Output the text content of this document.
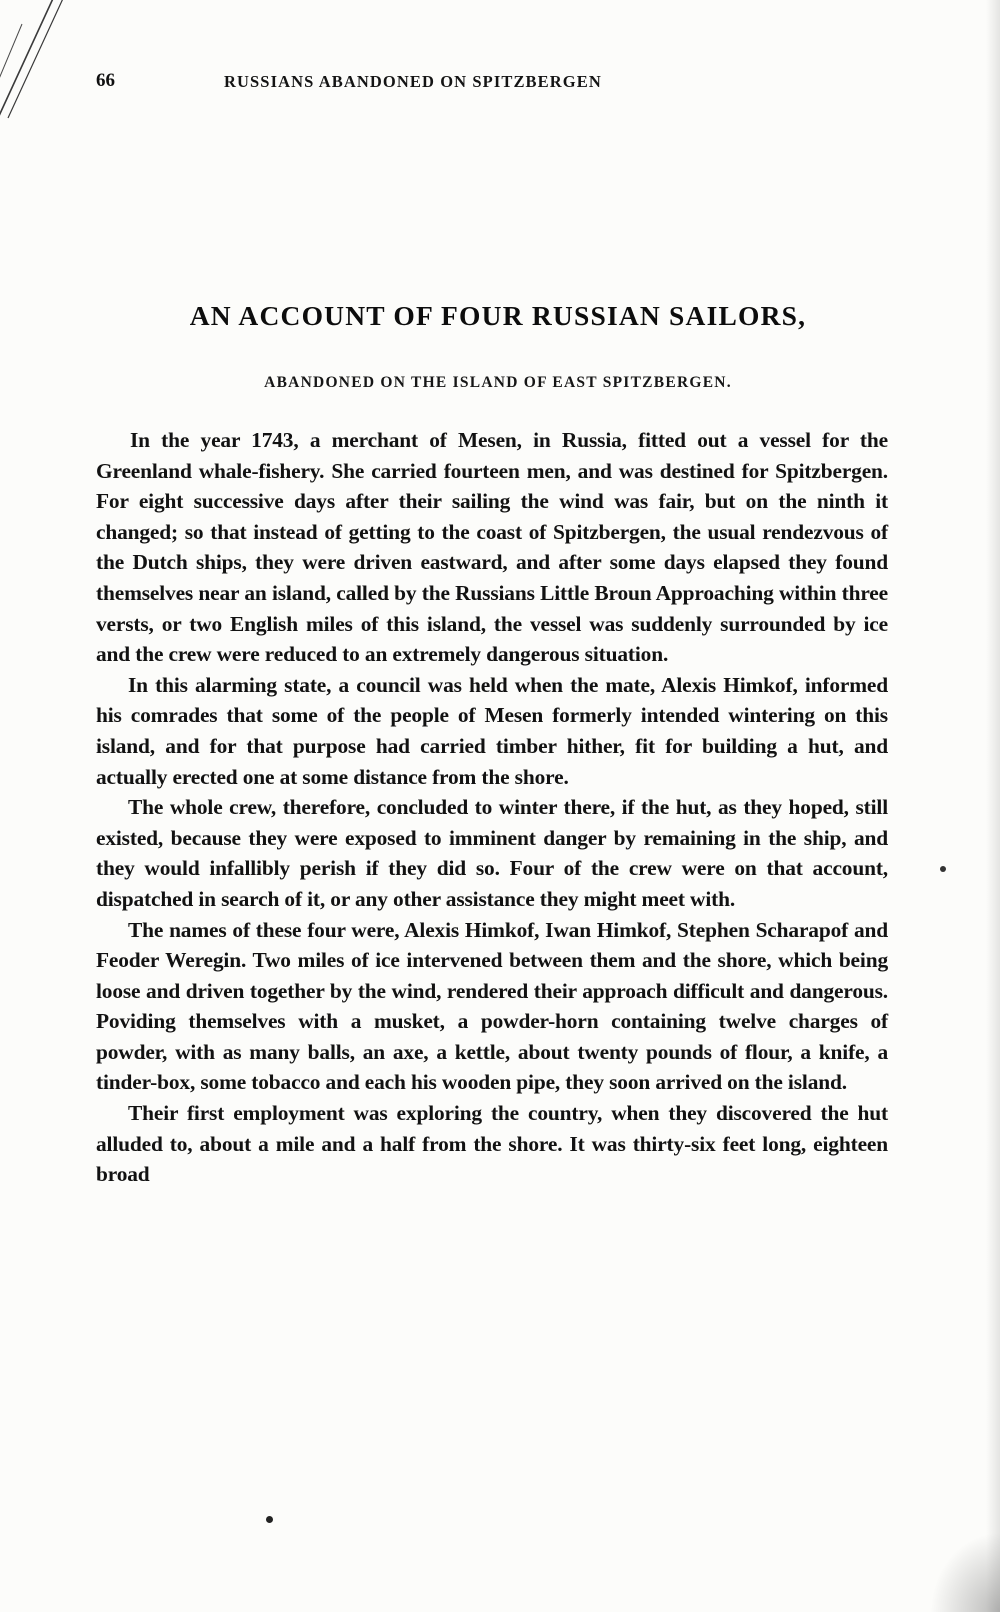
66	RUSSIANS ABANDONED ON SPITZBERGEN
AN ACCOUNT OF FOUR RUSSIAN SAILORS,
ABANDONED ON THE ISLAND OF EAST SPITZBERGEN.

In the year 1743, a merchant of Mesen, in Russia, fitted out a vessel for the Greenland whale-fishery. She carried fourteen men, and was destined for Spitzbergen. For eight successive days after their sailing the wind was fair, but on the ninth it changed; so that instead of getting to the coast of Spitzbergen, the usual rendezvous of the Dutch ships, they were driven eastward, and after some days elapsed they found themselves near an island, called by the Russians Little Broun Approaching within three versts, or two English miles of this island, the vessel was suddenly surrounded by ice and the crew were reduced to an extremely dangerous situation.

In this alarming state, a council was held when the mate, Alexis Himkof, informed his comrades that some of the people of Mesen formerly intended wintering on this island, and for that purpose had carried timber hither, fit for building a hut, and actually erected one at some distance from the shore.

The whole crew, therefore, concluded to winter there, if the hut, as they hoped, still existed, because they were exposed to imminent danger by remaining in the ship, and they would infallibly perish if they did so. Four of the crew were on that account, dispatched in search of it, or any other assistance they might meet with.

The names of these four were, Alexis Himkof, Iwan Himkof, Stephen Scharapof and Feoder Weregin. Two miles of ice intervened between them and the shore, which being loose and driven together by the wind, rendered their approach difficult and dangerous. Poviding themselves with a musket, a powder-horn containing twelve charges of powder, with as many balls, an axe, a kettle, about twenty pounds of flour, a knife, a tinder-box, some tobacco and each his wooden pipe, they soon arrived on the island.

Their first employment was exploring the country, when they discovered the hut alluded to, about a mile and a half from the shore. It was thirty-six feet long, eighteen broad
